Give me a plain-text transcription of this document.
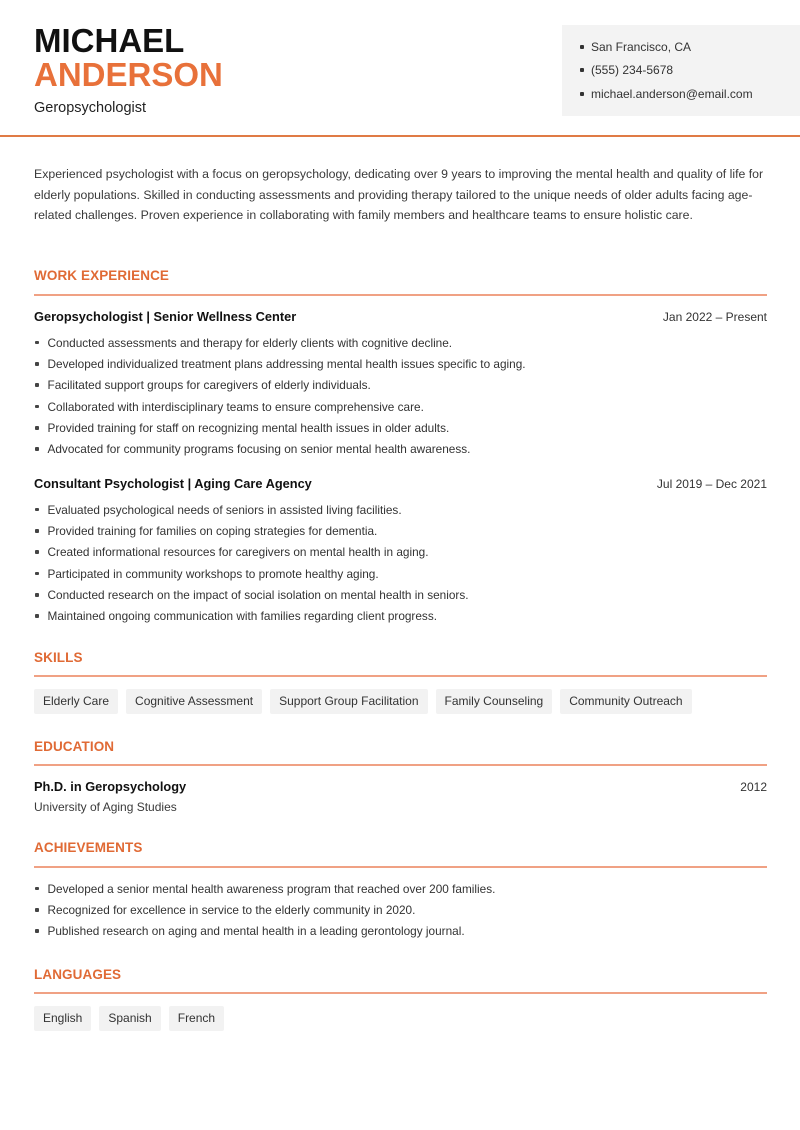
MICHAEL
ANDERSON
Geropsychologist
San Francisco, CA
(555) 234-5678
michael.anderson@email.com

Experienced psychologist with a focus on geropsychology, dedicating over 9 years to improving the mental health and quality of life for elderly populations. Skilled in conducting assessments and providing therapy tailored to the unique needs of older adults facing age-related challenges. Proven experience in collaborating with family members and healthcare teams to ensure holistic care.

WORK EXPERIENCE
Geropsychologist | Senior Wellness Center	Jan 2022 – Present
Conducted assessments and therapy for elderly clients with cognitive decline.
Developed individualized treatment plans addressing mental health issues specific to aging.
Facilitated support groups for caregivers of elderly individuals.
Collaborated with interdisciplinary teams to ensure comprehensive care.
Provided training for staff on recognizing mental health issues in older adults.
Advocated for community programs focusing on senior mental health awareness.
Consultant Psychologist | Aging Care Agency	Jul 2019 – Dec 2021
Evaluated psychological needs of seniors in assisted living facilities.
Provided training for families on coping strategies for dementia.
Created informational resources for caregivers on mental health in aging.
Participated in community workshops to promote healthy aging.
Conducted research on the impact of social isolation on mental health in seniors.
Maintained ongoing communication with families regarding client progress.
SKILLS
Elderly Care	Cognitive Assessment	Support Group Facilitation	Family Counseling	Community Outreach
EDUCATION
Ph.D. in Geropsychology	2012
University of Aging Studies
ACHIEVEMENTS
Developed a senior mental health awareness program that reached over 200 families.
Recognized for excellence in service to the elderly community in 2020.
Published research on aging and mental health in a leading gerontology journal.
LANGUAGES
English	Spanish	French
